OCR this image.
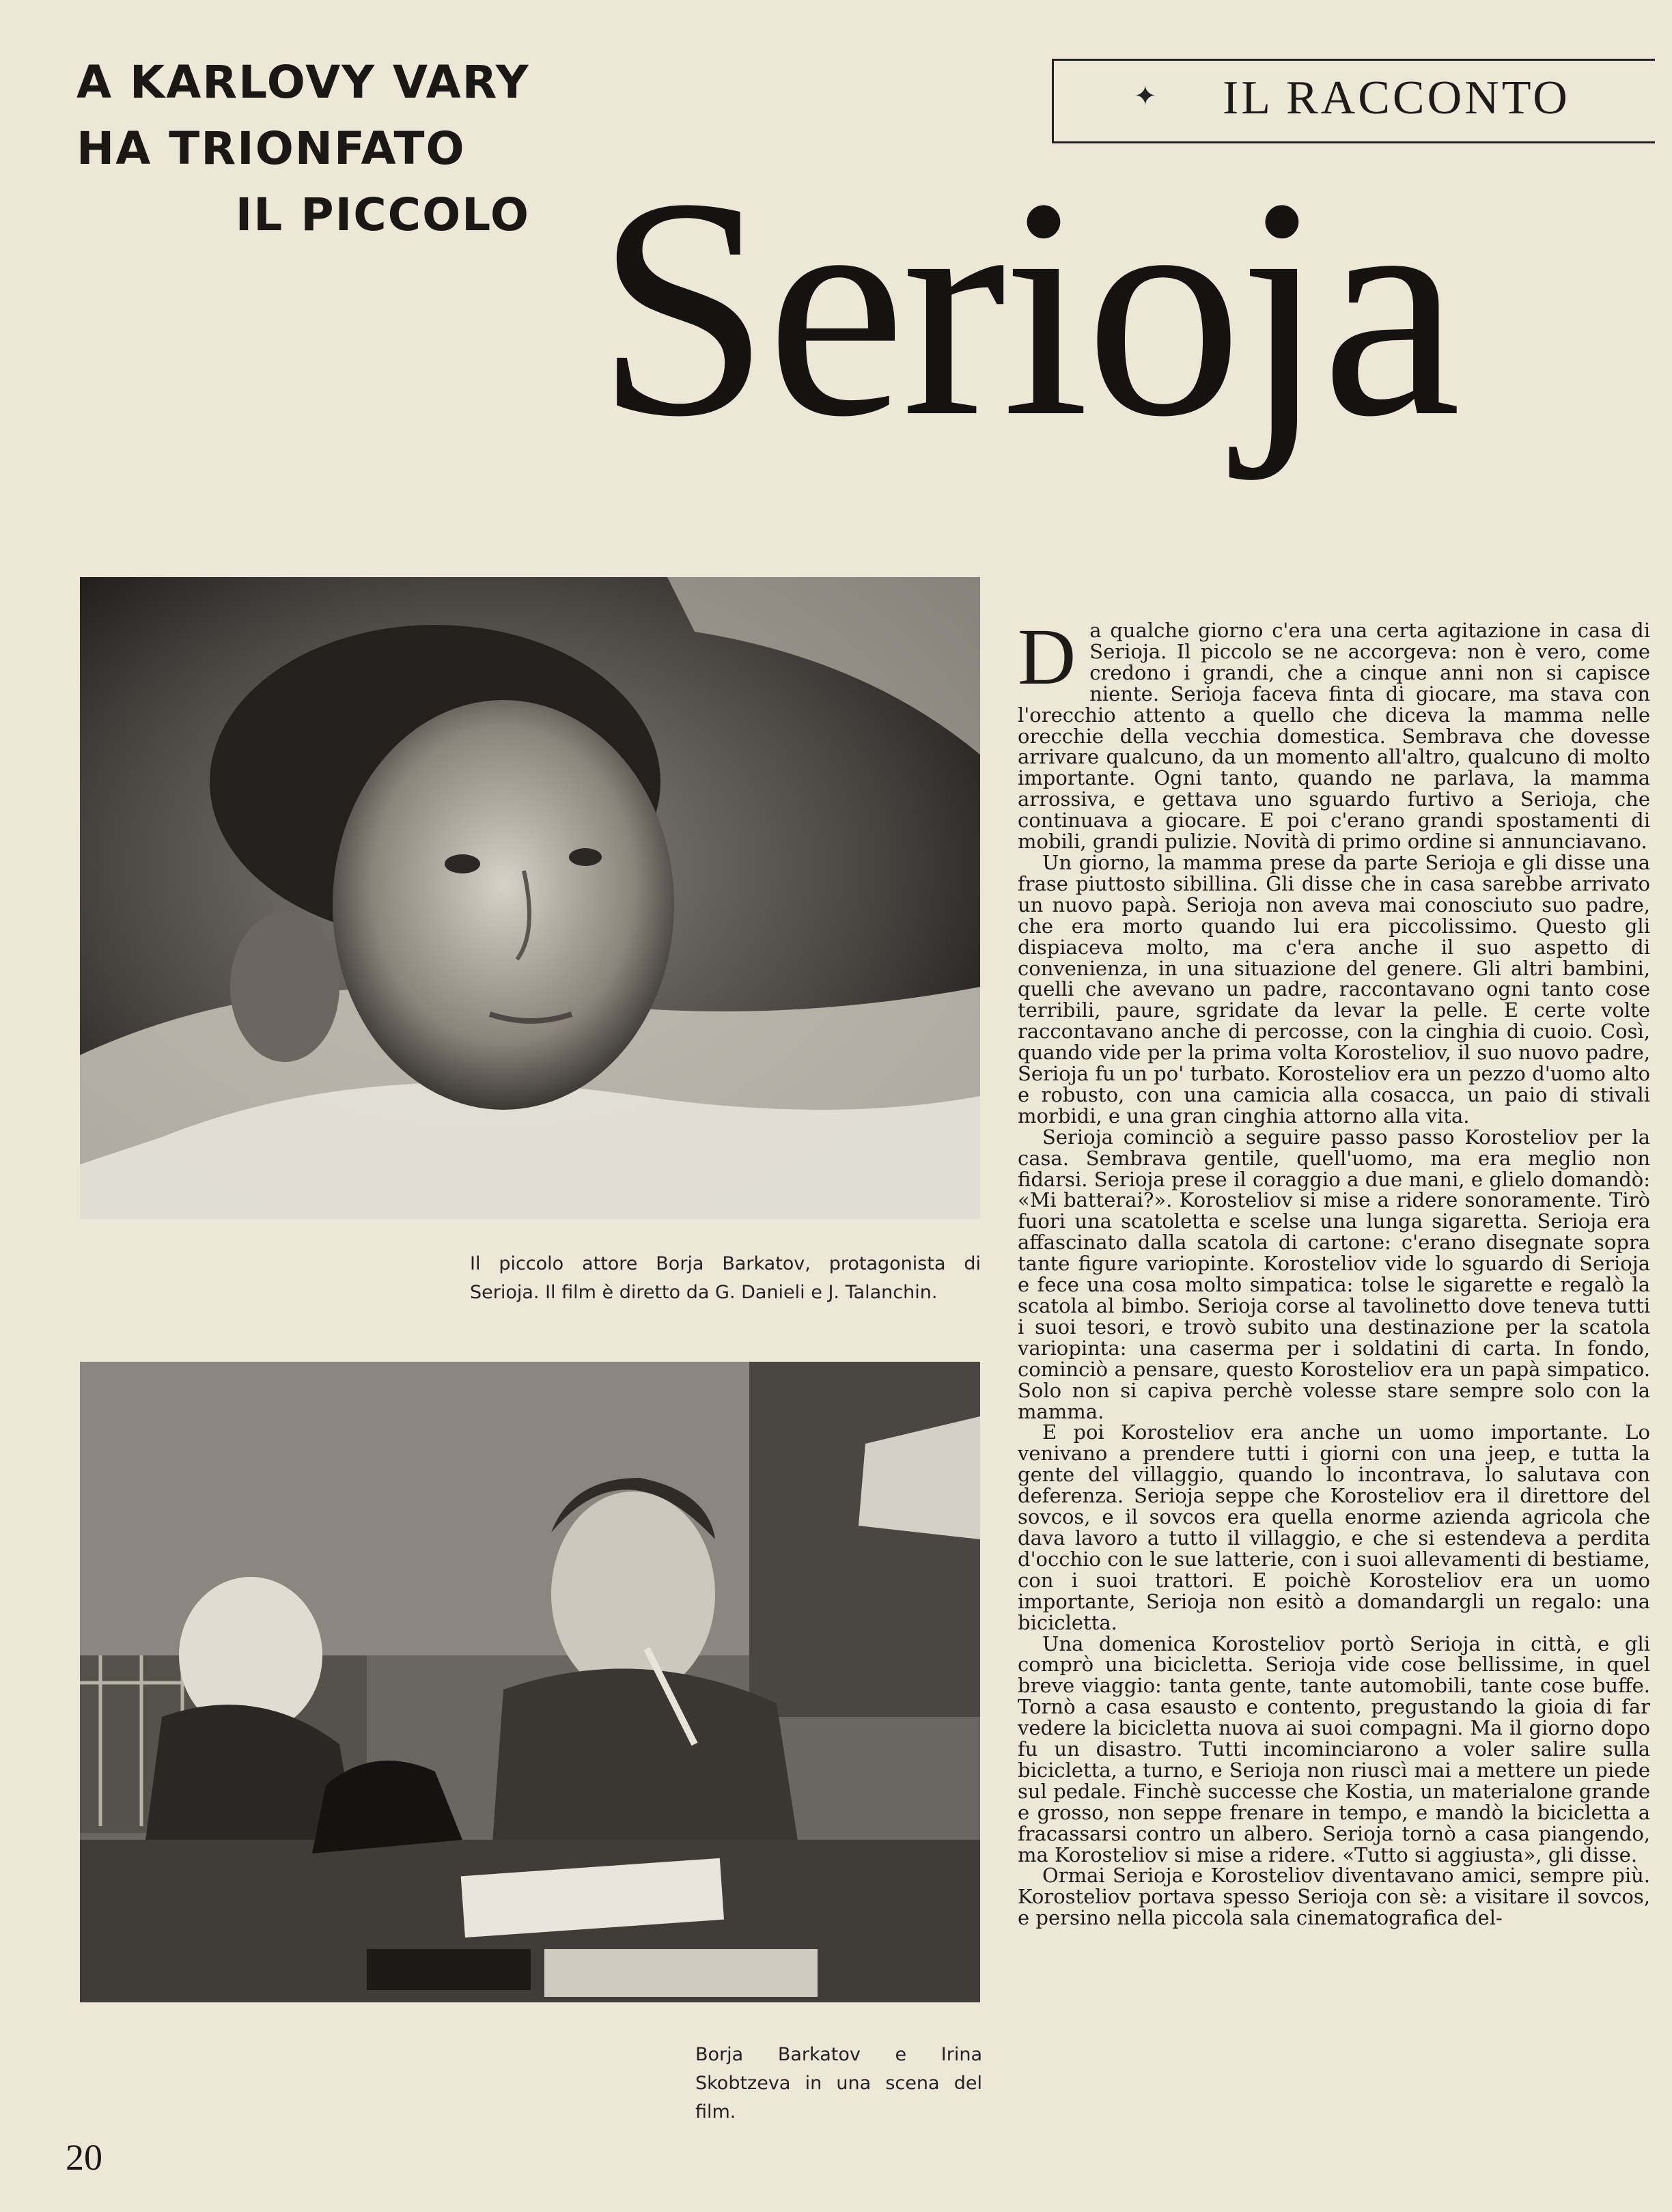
A KARLOVY VARY
HA TRIONFATO
IL PICCOLO
✦ IL RACCONTO
Serioja
Il piccolo attore Borja Barkatov, protagonista di Serioja. Il film è diretto da G. Danieli e J. Talanchin.
Borja Barkatov e Irina Skobtzeva in una scena del film.

Da qualche giorno c'era una certa agitazione in casa di Serioja. Il piccolo se ne accorgeva: non è vero, come credono i grandi, che a cinque anni non si capisce niente. Serioja faceva finta di giocare, ma stava con l'orecchio attento a quello che diceva la mamma nelle orecchie della vecchia domestica. Sembrava che dovesse arrivare qualcuno, da un momento all'altro, qualcuno di molto importante. Ogni tanto, quando ne parlava, la mamma arrossiva, e gettava uno sguardo furtivo a Serioja, che continuava a giocare. E poi c'erano grandi spostamenti di mobili, grandi pulizie. Novità di primo ordine si annunciavano.

Un giorno, la mamma prese da parte Serioja e gli disse una frase piuttosto sibillina. Gli disse che in casa sarebbe arrivato un nuovo papà. Serioja non aveva mai conosciuto suo padre, che era morto quando lui era piccolissimo. Questo gli dispiaceva molto, ma c'era anche il suo aspetto di convenienza, in una situazione del genere. Gli altri bambini, quelli che avevano un padre, raccontavano ogni tanto cose terribili, paure, sgridate da levar la pelle. E certe volte raccontavano anche di percosse, con la cinghia di cuoio. Così, quando vide per la prima volta Korosteliov, il suo nuovo padre, Serioja fu un po' turbato. Korosteliov era un pezzo d'uomo alto e robusto, con una camicia alla cosacca, un paio di stivali morbidi, e una gran cinghia attorno alla vita.

Serioja cominciò a seguire passo passo Korosteliov per la casa. Sembrava gentile, quell'uomo, ma era meglio non fidarsi. Serioja prese il coraggio a due mani, e glielo domandò: «Mi batterai?». Korosteliov si mise a ridere sonoramente. Tirò fuori una scatoletta e scelse una lunga sigaretta. Serioja era affascinato dalla scatola di cartone: c'erano disegnate sopra tante figure variopinte. Korosteliov vide lo sguardo di Serioja e fece una cosa molto simpatica: tolse le sigarette e regalò la scatola al bimbo. Serioja corse al tavolinetto dove teneva tutti i suoi tesori, e trovò subito una destinazione per la scatola variopinta: una caserma per i soldatini di carta. In fondo, cominciò a pensare, questo Korosteliov era un papà simpatico. Solo non si capiva perchè volesse stare sempre solo con la mamma.

E poi Korosteliov era anche un uomo importante. Lo venivano a prendere tutti i giorni con una jeep, e tutta la gente del villaggio, quando lo incontrava, lo salutava con deferenza. Serioja seppe che Korosteliov era il direttore del sovcos, e il sovcos era quella enorme azienda agricola che dava lavoro a tutto il villaggio, e che si estendeva a perdita d'occhio con le sue latterie, con i suoi allevamenti di bestiame, con i suoi trattori. E poichè Korosteliov era un uomo importante, Serioja non esitò a domandargli un regalo: una bicicletta.

Una domenica Korosteliov portò Serioja in città, e gli comprò una bicicletta. Serioja vide cose bellissime, in quel breve viaggio: tanta gente, tante automobili, tante cose buffe. Tornò a casa esausto e contento, pregustando la gioia di far vedere la bicicletta nuova ai suoi compagni. Ma il giorno dopo fu un disastro. Tutti incominciarono a voler salire sulla bicicletta, a turno, e Serioja non riuscì mai a mettere un piede sul pedale. Finchè successe che Kostia, un materialone grande e grosso, non seppe frenare in tempo, e mandò la bicicletta a fracassarsi contro un albero. Serioja tornò a casa piangendo, ma Korosteliov si mise a ridere. «Tutto si aggiusta», gli disse.

Ormai Serioja e Korosteliov diventavano amici, sempre più. Korosteliov portava spesso Serioja con sè: a visitare il sovcos, e persino nella piccola sala cinematografica del-

20
